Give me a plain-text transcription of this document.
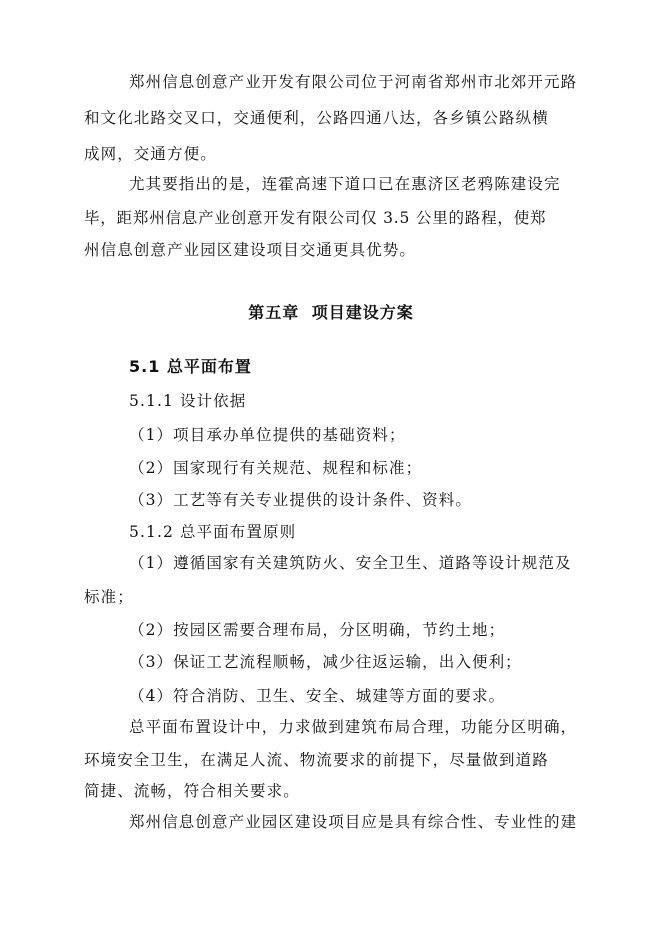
郑州信息创意产业开发有限公司位于河南省郑州市北郊开元路
和文化北路交叉口，交通便利，公路四通八达，各乡镇公路纵横
成网，交通方便。
尤其要指出的是，连霍高速下道口已在惠济区老鸦陈建设完
毕，距郑州信息产业创意开发有限公司仅 3.5 公里的路程，使郑
州信息创意产业园区建设项目交通更具优势。
第五章 项目建设方案
5.1 总平面布置
5.1.1 设计依据
（1）项目承办单位提供的基础资料；
（2）国家现行有关规范、规程和标准；
（3）工艺等有关专业提供的设计条件、资料。
5.1.2 总平面布置原则
（1）遵循国家有关建筑防火、安全卫生、道路等设计规范及
标准；
（2）按园区需要合理布局，分区明确，节约土地；
（3）保证工艺流程顺畅，减少往返运输，出入便利；
（4）符合消防、卫生、安全、城建等方面的要求。
总平面布置设计中，力求做到建筑布局合理，功能分区明确，
环境安全卫生，在满足人流、物流要求的前提下，尽量做到道路
简捷、流畅，符合相关要求。
郑州信息创意产业园区建设项目应是具有综合性、专业性的建
